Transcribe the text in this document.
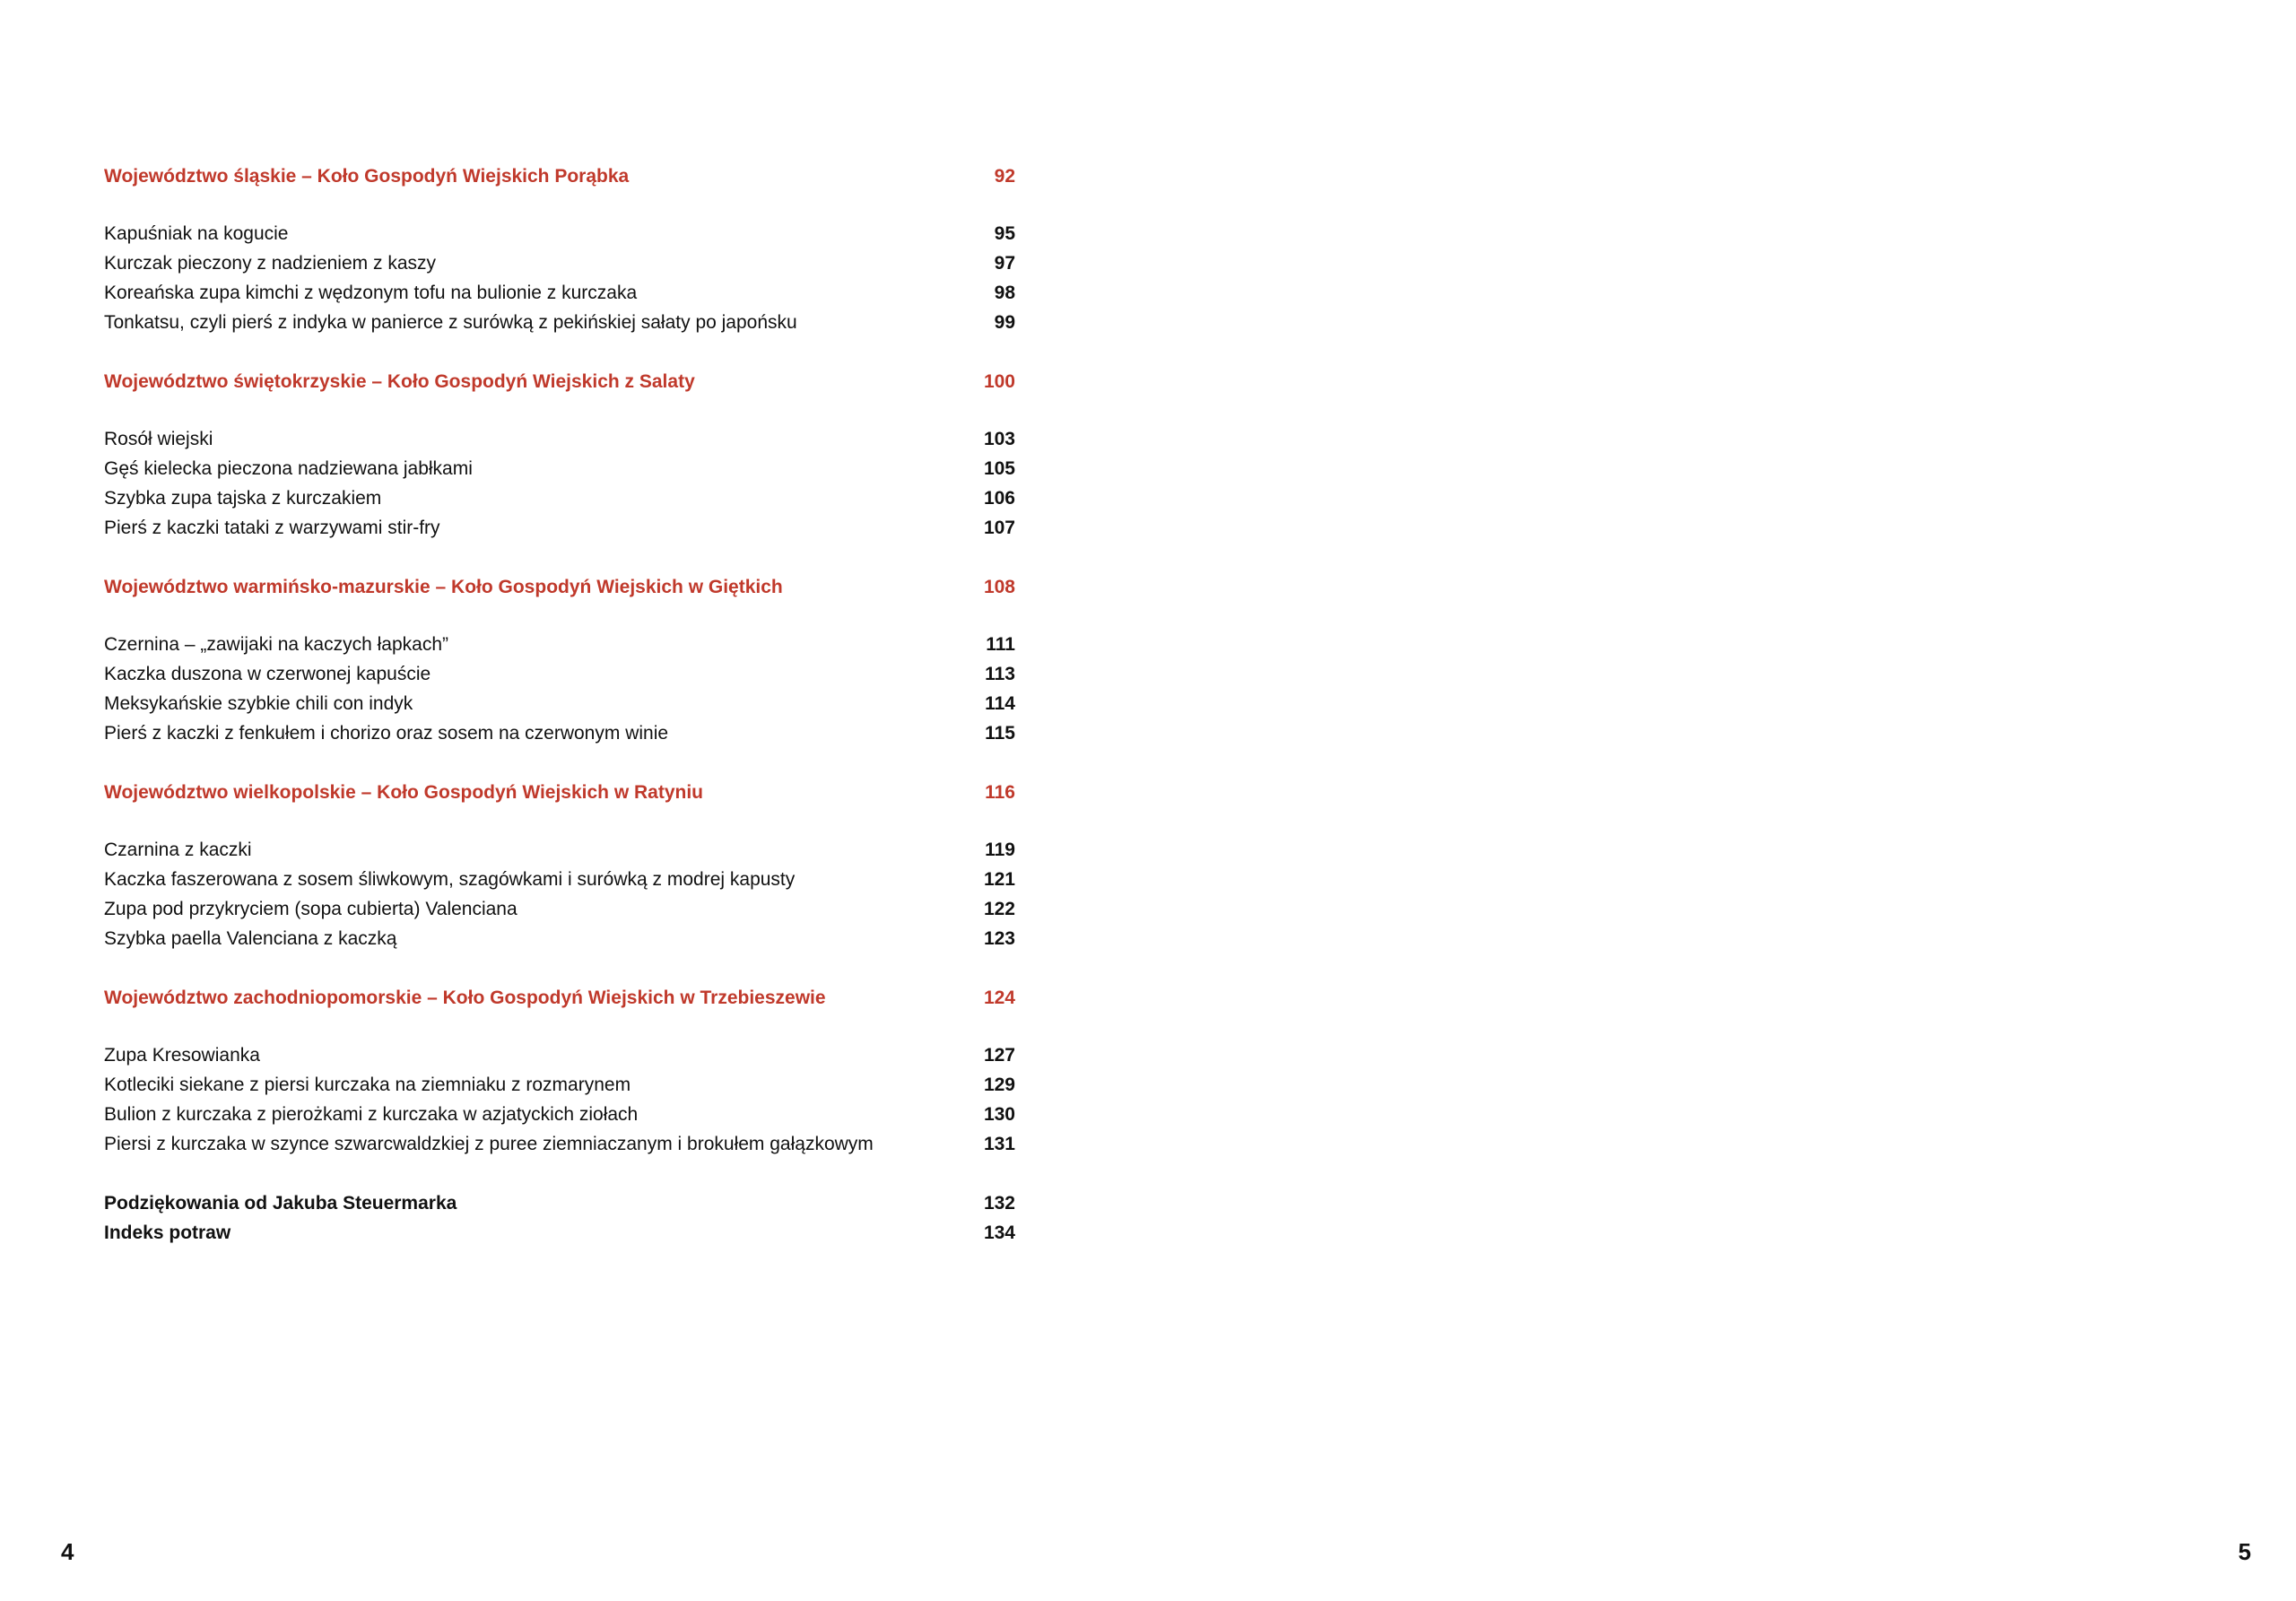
Województwo śląskie – Koło Gospodyń Wiejskich Porąbka	92
Kapuśniak na kogucie	95
Kurczak pieczony z nadzieniem z kaszy	97
Koreańska zupa kimchi z wędzonym tofu na bulionie z kurczaka	98
Tonkatsu, czyli pierś z indyka w panierce z surówką z pekińskiej sałaty po japońsku	99
Województwo świętokrzyskie – Koło Gospodyń Wiejskich z Salaty	100
Rosół wiejski	103
Gęś kielecka pieczona nadziewana jabłkami	105
Szybka zupa tajska z kurczakiem	106
Pierś z kaczki tataki z warzywami stir-fry	107
Województwo warmińsko-mazurskie – Koło Gospodyń Wiejskich w Giętkich	108
Czernina – „zawijaki na kaczych łapkach”	111
Kaczka duszona w czerwonej kapuście	113
Meksykańskie szybkie chili con indyk	114
Pierś z kaczki z fenkułem i chorizo oraz sosem na czerwonym winie	115
Województwo wielkopolskie – Koło Gospodyń Wiejskich w Ratyniu	116
Czarnina z kaczki	119
Kaczka faszerowana z sosem śliwkowym, szagówkami i surówką z modrej kapusty	121
Zupa pod przykryciem (sopa cubierta) Valenciana	122
Szybka paella Valenciana z kaczką	123
Województwo zachodniopomorskie – Koło Gospodyń Wiejskich w Trzebieszewie	124
Zupa Kresowianka	127
Kotleciki siekane z piersi kurczaka na ziemniaku z rozmarynem	129
Bulion z kurczaka z pierożkami z kurczaka w azjatyckich ziołach	130
Piersi z kurczaka w szynce szwarcwaldzkiej z puree ziemniaczanym i brokułem gałązkowym	131
Podziękowania od Jakuba Steuermarka	132
Indeks potraw	134
4	5
